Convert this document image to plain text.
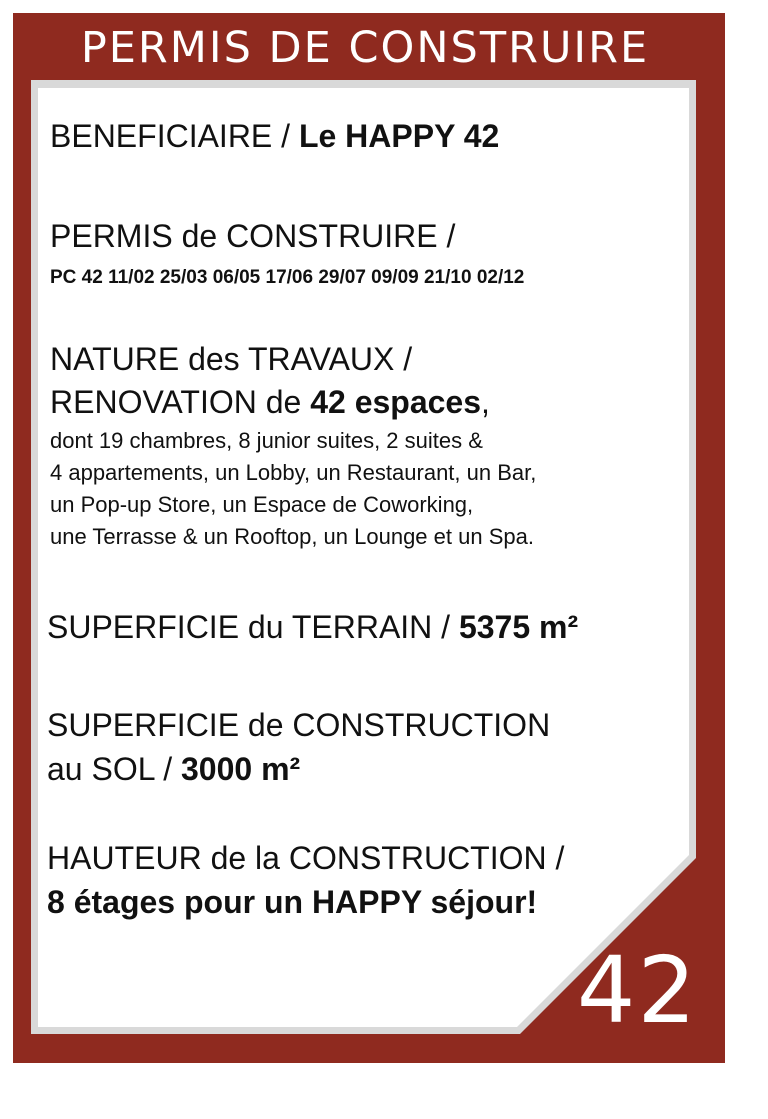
PERMIS DE CONSTRUIRE
BENEFICIAIRE / Le HAPPY 42
PERMIS de CONSTRUIRE /
PC 42 11/02 25/03 06/05 17/06 29/07 09/09 21/10 02/12
NATURE des TRAVAUX /
RENOVATION de 42 espaces,
dont 19 chambres, 8 junior suites, 2 suites &
4 appartements, un Lobby, un Restaurant, un Bar,
un Pop-up Store, un Espace de Coworking,
une Terrasse & un Rooftop, un Lounge et un Spa.
SUPERFICIE du TERRAIN / 5375 m²
SUPERFICIE de CONSTRUCTION
au SOL / 3000 m²
HAUTEUR de la CONSTRUCTION /
8 étages pour un HAPPY séjour!
42
